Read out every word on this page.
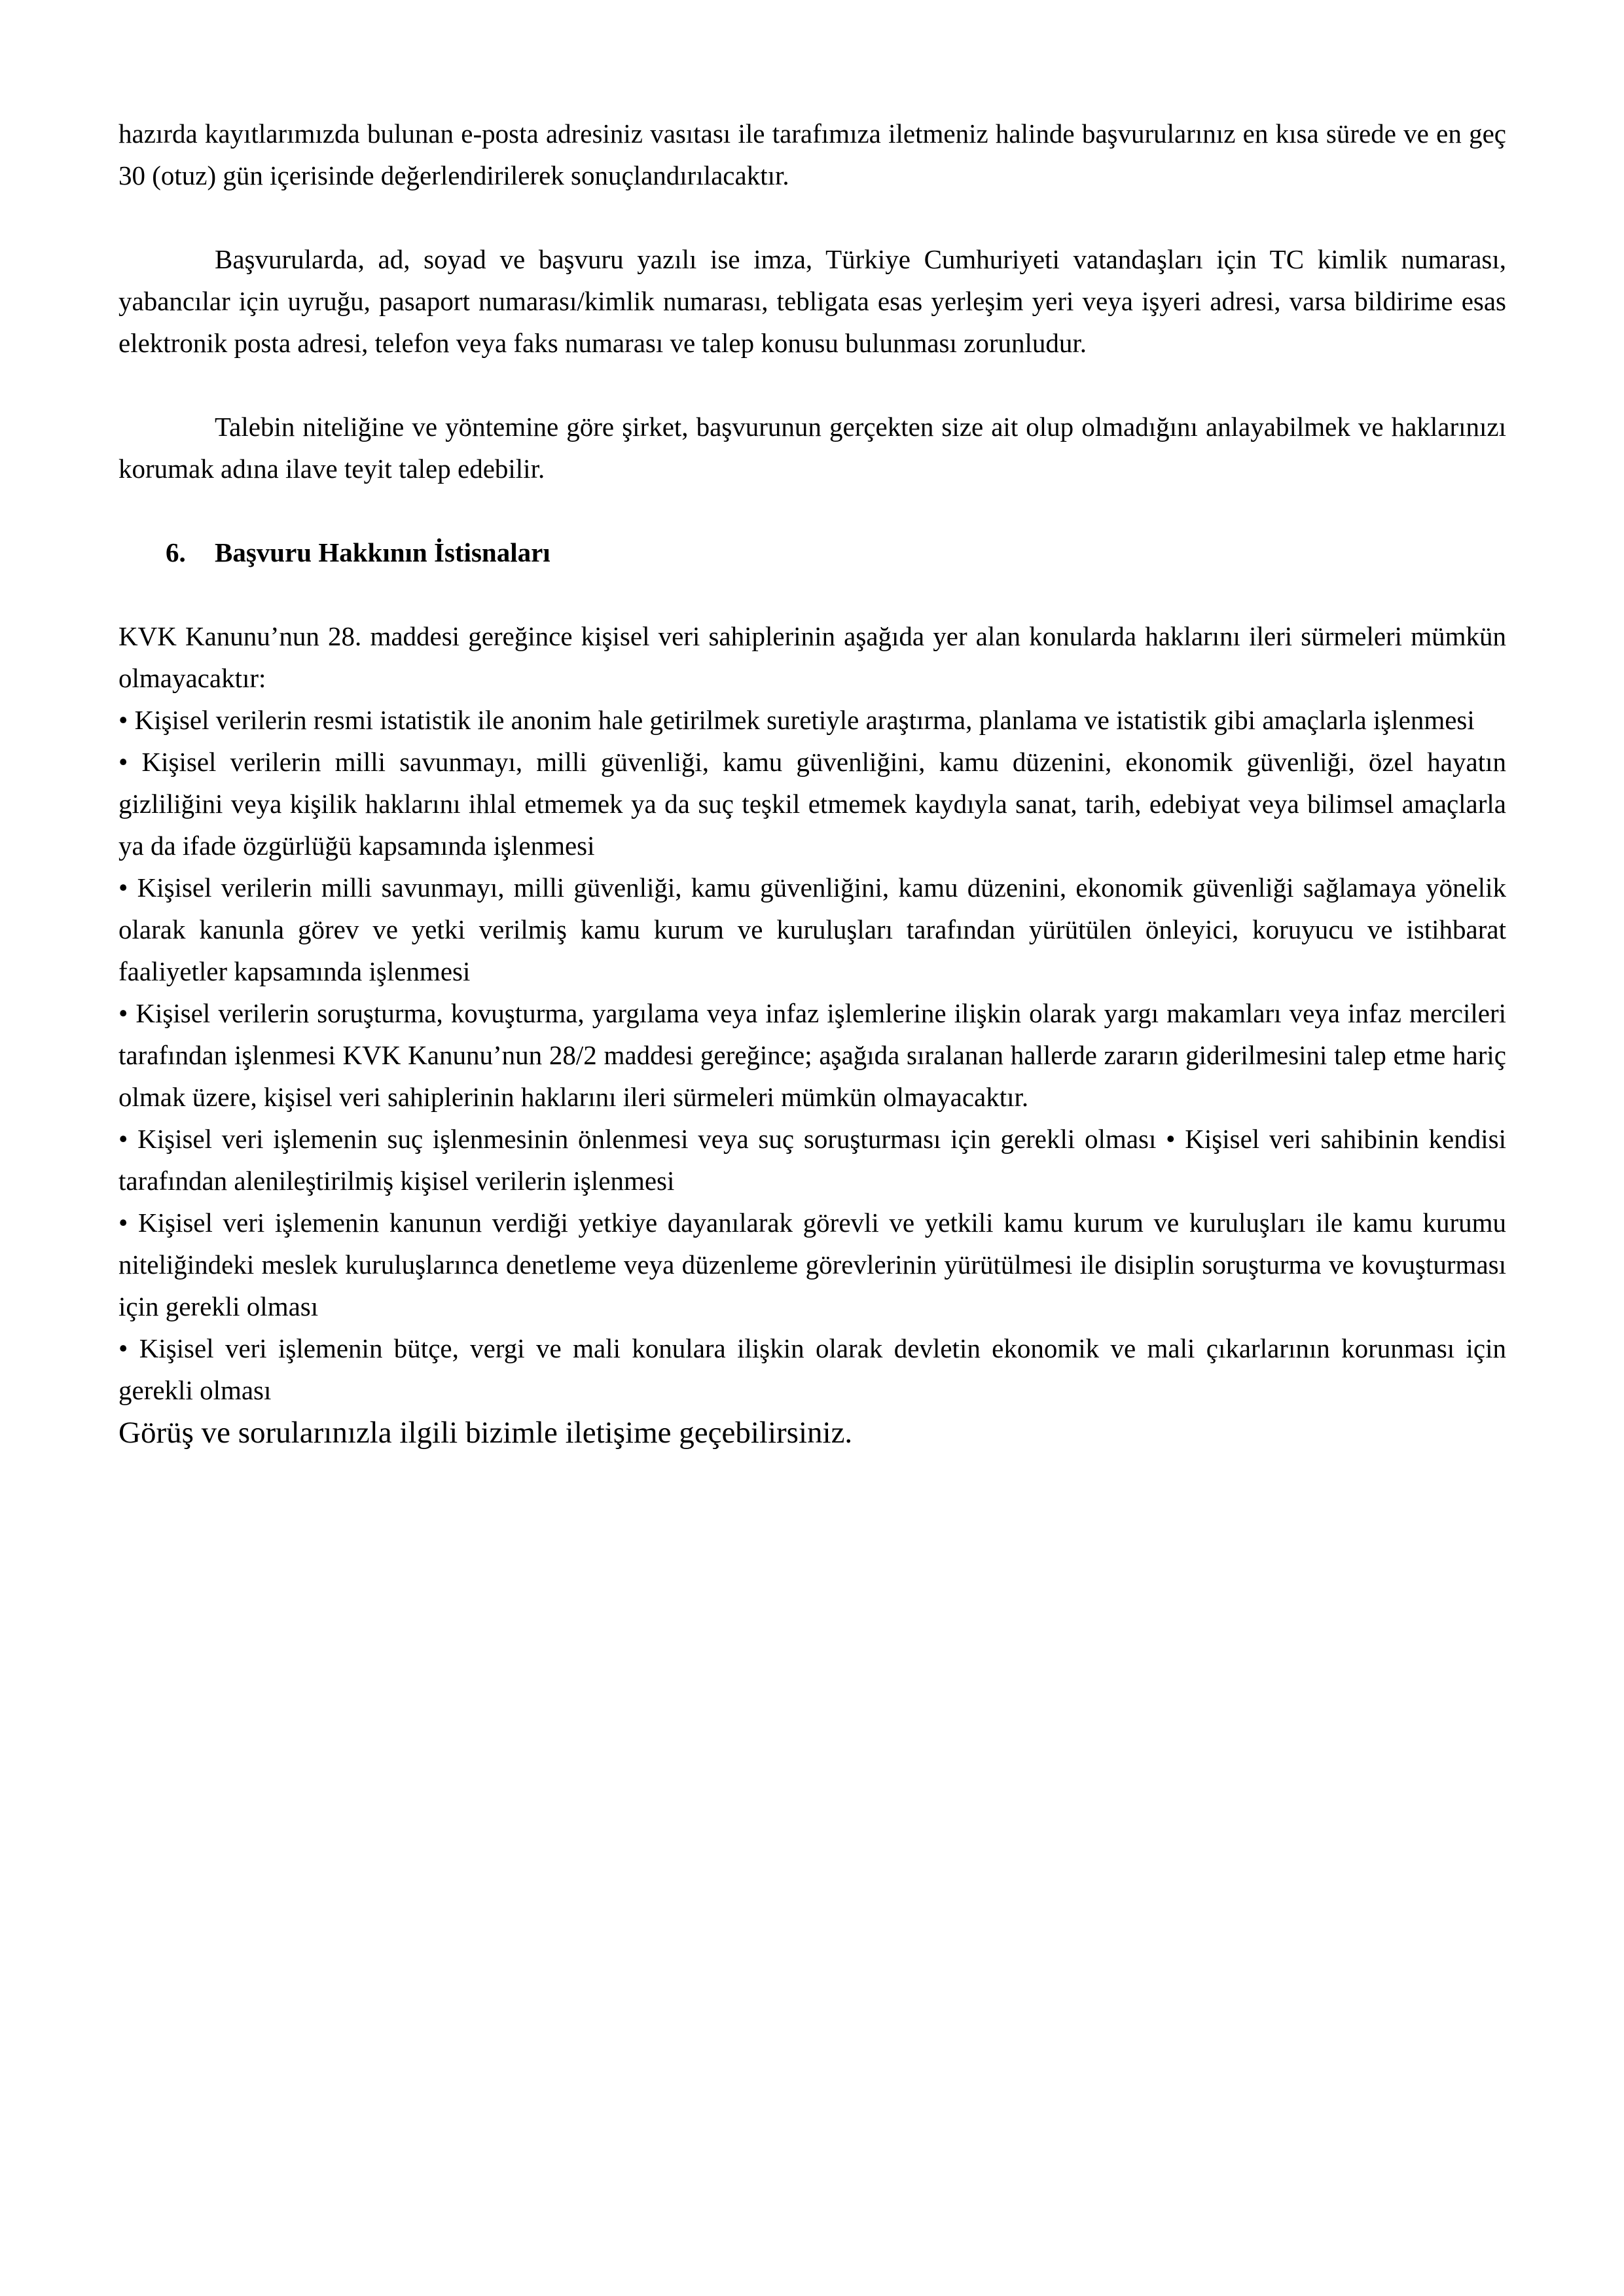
hazırda kayıtlarımızda bulunan e-posta adresiniz vasıtası ile tarafımıza iletmeniz halinde başvurularınız en kısa sürede ve en geç 30 (otuz) gün içerisinde değerlendirilerek sonuçlandırılacaktır.

Başvurularda, ad, soyad ve başvuru yazılı ise imza, Türkiye Cumhuriyeti vatandaşları için TC kimlik numarası, yabancılar için uyruğu, pasaport numarası/kimlik numarası, tebligata esas yerleşim yeri veya işyeri adresi, varsa bildirime esas elektronik posta adresi, telefon veya faks numarası ve talep konusu bulunması zorunludur.

Talebin niteliğine ve yöntemine göre şirket, başvurunun gerçekten size ait olup olmadığını anlayabilmek ve haklarınızı korumak adına ilave teyit talep edebilir.

6. Başvuru Hakkının İstisnaları

KVK Kanunu’nun 28. maddesi gereğince kişisel veri sahiplerinin aşağıda yer alan konularda haklarını ileri sürmeleri mümkün olmayacaktır:

• Kişisel verilerin resmi istatistik ile anonim hale getirilmek suretiyle araştırma, planlama ve istatistik gibi amaçlarla işlenmesi

• Kişisel verilerin milli savunmayı, milli güvenliği, kamu güvenliğini, kamu düzenini, ekonomik güvenliği, özel hayatın gizliliğini veya kişilik haklarını ihlal etmemek ya da suç teşkil etmemek kaydıyla sanat, tarih, edebiyat veya bilimsel amaçlarla ya da ifade özgürlüğü kapsamında işlenmesi

• Kişisel verilerin milli savunmayı, milli güvenliği, kamu güvenliğini, kamu düzenini, ekonomik güvenliği sağlamaya yönelik olarak kanunla görev ve yetki verilmiş kamu kurum ve kuruluşları tarafından yürütülen önleyici, koruyucu ve istihbarat faaliyetler kapsamında işlenmesi

• Kişisel verilerin soruşturma, kovuşturma, yargılama veya infaz işlemlerine ilişkin olarak yargı makamları veya infaz mercileri tarafından işlenmesi KVK Kanunu’nun 28/2 maddesi gereğince; aşağıda sıralanan hallerde zararın giderilmesini talep etme hariç olmak üzere, kişisel veri sahiplerinin haklarını ileri sürmeleri mümkün olmayacaktır.

• Kişisel veri işlemenin suç işlenmesinin önlenmesi veya suç soruşturması için gerekli olması • Kişisel veri sahibinin kendisi tarafından alenileştirilmiş kişisel verilerin işlenmesi

• Kişisel veri işlemenin kanunun verdiği yetkiye dayanılarak görevli ve yetkili kamu kurum ve kuruluşları ile kamu kurumu niteliğindeki meslek kuruluşlarınca denetleme veya düzenleme görevlerinin yürütülmesi ile disiplin soruşturma ve kovuşturması için gerekli olması

• Kişisel veri işlemenin bütçe, vergi ve mali konulara ilişkin olarak devletin ekonomik ve mali çıkarlarının korunması için gerekli olması

Görüş ve sorularınızla ilgili bizimle iletişime geçebilirsiniz.
